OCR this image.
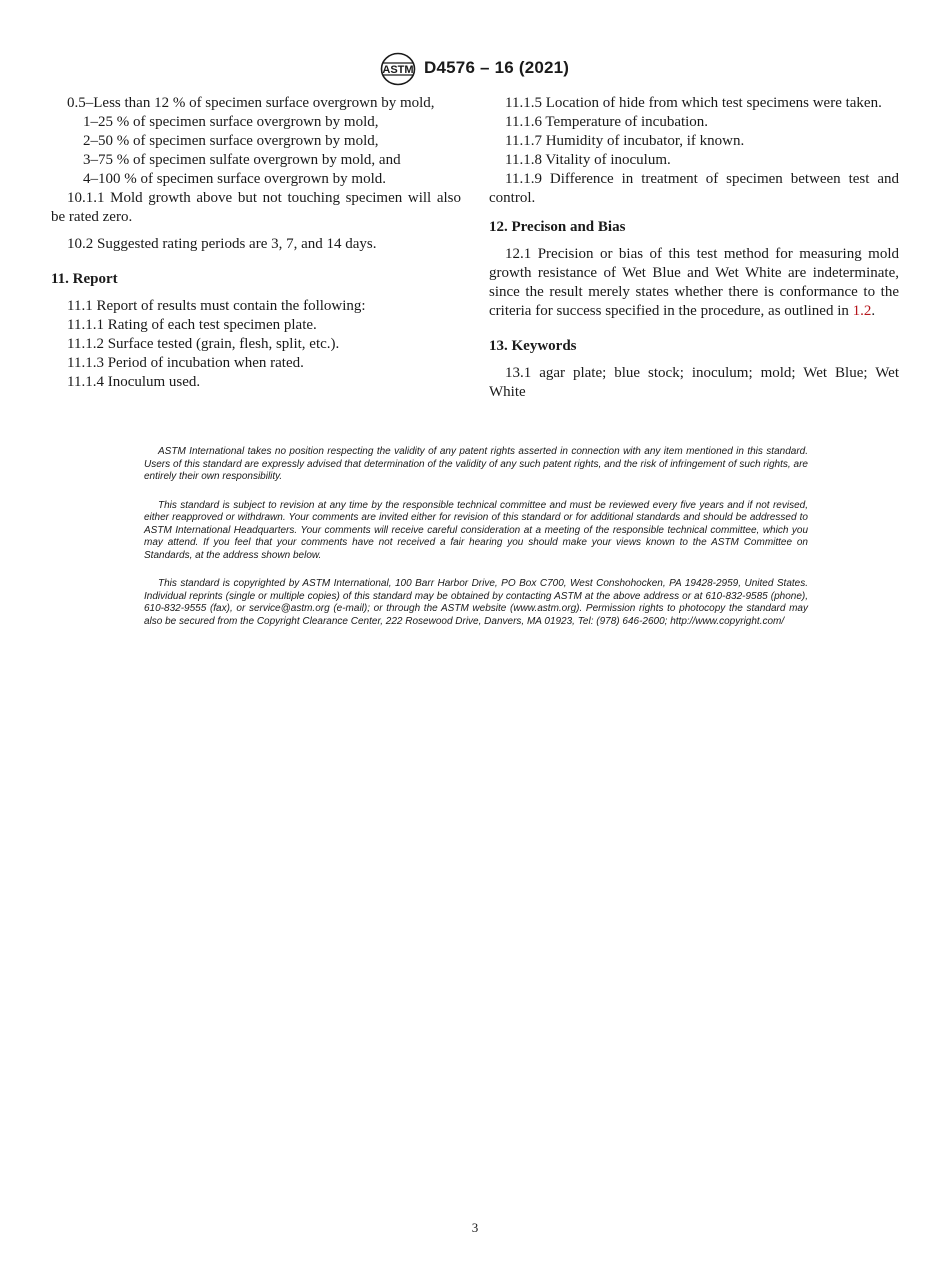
ASTM D4576 – 16 (2021)

0.5–Less than 12 % of specimen surface overgrown by mold,

1–25 % of specimen surface overgrown by mold,

2–50 % of specimen surface overgrown by mold,

3–75 % of specimen sulfate overgrown by mold, and

4–100 % of specimen surface overgrown by mold.

10.1.1 Mold growth above but not touching specimen will also be rated zero.

10.2 Suggested rating periods are 3, 7, and 14 days.

11. Report

11.1 Report of results must contain the following:

11.1.1 Rating of each test specimen plate.

11.1.2 Surface tested (grain, flesh, split, etc.).

11.1.3 Period of incubation when rated.

11.1.4 Inoculum used.

11.1.5 Location of hide from which test specimens were taken.

11.1.6 Temperature of incubation.

11.1.7 Humidity of incubator, if known.

11.1.8 Vitality of inoculum.

11.1.9 Difference in treatment of specimen between test and control.

12. Precison and Bias

12.1 Precision or bias of this test method for measuring mold growth resistance of Wet Blue and Wet White are indeterminate, since the result merely states whether there is conformance to the criteria for success specified in the procedure, as outlined in 1.2.

13. Keywords

13.1 agar plate; blue stock; inoculum; mold; Wet Blue; Wet White

ASTM International takes no position respecting the validity of any patent rights asserted in connection with any item mentioned in this standard. Users of this standard are expressly advised that determination of the validity of any such patent rights, and the risk of infringement of such rights, are entirely their own responsibility.

This standard is subject to revision at any time by the responsible technical committee and must be reviewed every five years and if not revised, either reapproved or withdrawn. Your comments are invited either for revision of this standard or for additional standards and should be addressed to ASTM International Headquarters. Your comments will receive careful consideration at a meeting of the responsible technical committee, which you may attend. If you feel that your comments have not received a fair hearing you should make your views known to the ASTM Committee on Standards, at the address shown below.

This standard is copyrighted by ASTM International, 100 Barr Harbor Drive, PO Box C700, West Conshohocken, PA 19428-2959, United States. Individual reprints (single or multiple copies) of this standard may be obtained by contacting ASTM at the above address or at 610-832-9585 (phone), 610-832-9555 (fax), or service@astm.org (e-mail); or through the ASTM website (www.astm.org). Permission rights to photocopy the standard may also be secured from the Copyright Clearance Center, 222 Rosewood Drive, Danvers, MA 01923, Tel: (978) 646-2600; http://www.copyright.com/

3
